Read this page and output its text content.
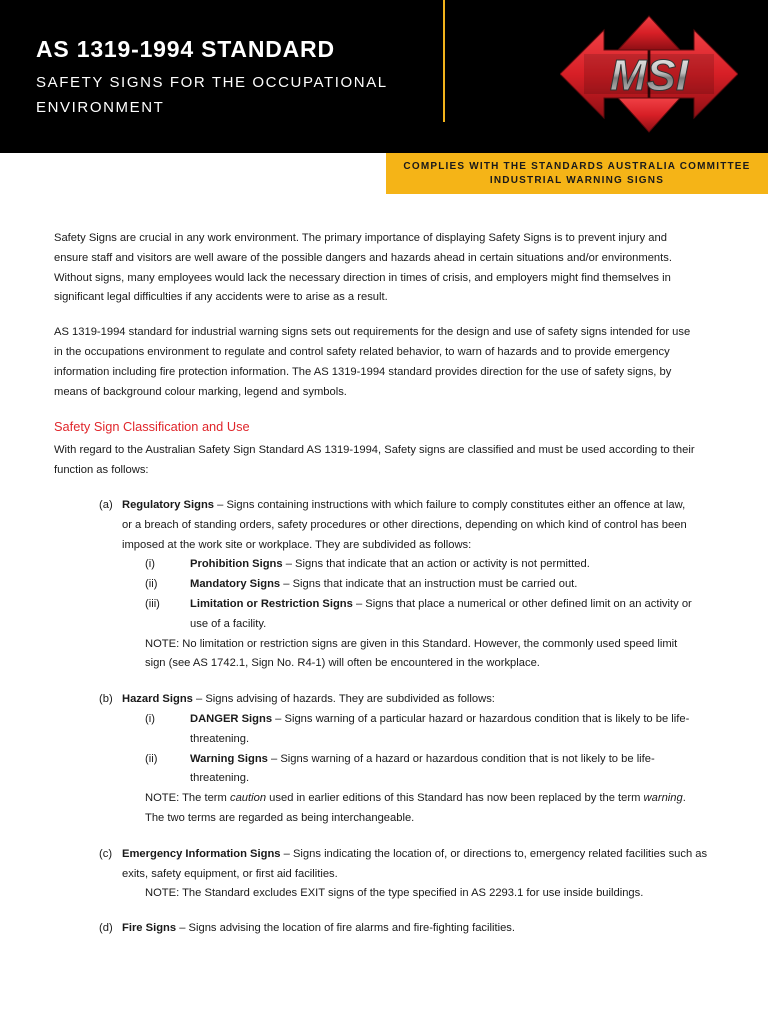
AS 1319-1994 STANDARD
SAFETY SIGNS FOR THE OCCUPATIONAL ENVIRONMENT
MSI
COMPLIES WITH THE STANDARDS AUSTRALIA COMMITTEE
INDUSTRIAL WARNING SIGNS
Safety Signs are crucial in any work environment. The primary importance of displaying Safety Signs is to prevent injury and
ensure staff and visitors are well aware of the possible dangers and hazards ahead in certain situations and/or environments.
Without signs, many employees would lack the necessary direction in times of crisis, and employers might find themselves in
significant legal difficulties if any accidents were to arise as a result.
AS 1319-1994 standard for industrial warning signs sets out requirements for the design and use of safety signs intended for use
in the occupations environment to regulate and control safety related behavior, to warn of hazards and to provide emergency
information including fire protection information. The AS 1319-1994 standard provides direction for the use of safety signs, by
means of background colour marking, legend and symbols.
Safety Sign Classification and Use
With regard to the Australian Safety Sign Standard AS 1319-1994, Safety signs are classified and must be used according to their
function as follows:
(a) Regulatory Signs – Signs containing instructions with which failure to comply constitutes either an offence at law,
or a breach of standing orders, safety procedures or other directions, depending on which kind of control has been
imposed at the work site or workplace. They are subdivided as follows:
(i)	Prohibition Signs – Signs that indicate that an action or activity is not permitted.
(ii)	Mandatory Signs – Signs that indicate that an instruction must be carried out.
(iii)	Limitation or Restriction Signs – Signs that place a numerical or other defined limit on an activity or
use of a facility.
NOTE: No limitation or restriction signs are given in this Standard. However, the commonly used speed limit
sign (see AS 1742.1, Sign No. R4-1) will often be encountered in the workplace.
(b) Hazard Signs – Signs advising of hazards. They are subdivided as follows:
(i)	DANGER Signs – Signs warning of a particular hazard or hazardous condition that is likely to be life-
threatening.
(ii)	Warning Signs – Signs warning of a hazard or hazardous condition that is not likely to be life-
threatening.
NOTE: The term caution used in earlier editions of this Standard has now been replaced by the term warning.
The two terms are regarded as being interchangeable.
(c) Emergency Information Signs – Signs indicating the location of, or directions to, emergency related facilities such as
exits, safety equipment, or first aid facilities.
NOTE: The Standard excludes EXIT signs of the type specified in AS 2293.1 for use inside buildings.
(d) Fire Signs – Signs advising the location of fire alarms and fire-fighting facilities.
